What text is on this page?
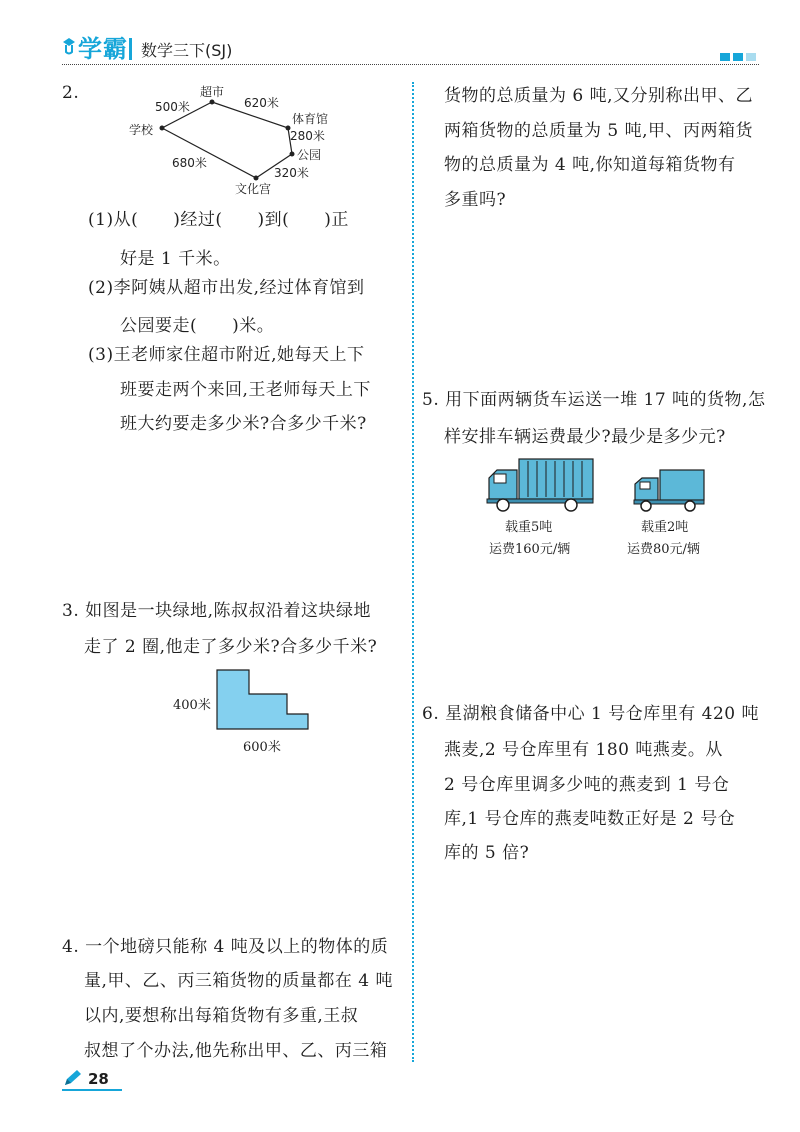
学霸 数学三下(SJ)
2.
学校
超市
体育馆
公园
文化宫
500米	620米
280米
320米
680米
(1)从(　　)经过(　　)到(　　)正
好是 1 千米。
(2)李阿姨从超市出发,经过体育馆到
公园要走(　　)米。
(3)王老师家住超市附近,她每天上下
班要走两个来回,王老师每天上下
班大约要走多少米?合多少千米?
3. 如图是一块绿地,陈叔叔沿着这块绿地
走了 2 圈,他走了多少米?合多少千米?
400米
600米
4. 一个地磅只能称 4 吨及以上的物体的质
量,甲、乙、丙三箱货物的质量都在 4 吨
以内,要想称出每箱货物有多重,王叔
叔想了个办法,他先称出甲、乙、丙三箱
货物的总质量为 6 吨,又分别称出甲、乙
两箱货物的总质量为 5 吨,甲、丙两箱货
物的总质量为 4 吨,你知道每箱货物有
多重吗?
5. 用下面两辆货车运送一堆 17 吨的货物,怎
样安排车辆运费最少?最少是多少元?
载重5吨
运费160元/辆
载重2吨
运费80元/辆
6. 星湖粮食储备中心 1 号仓库里有 420 吨
燕麦,2 号仓库里有 180 吨燕麦。从
2 号仓库里调多少吨的燕麦到 1 号仓
库,1 号仓库的燕麦吨数正好是 2 号仓
库的 5 倍?
28
